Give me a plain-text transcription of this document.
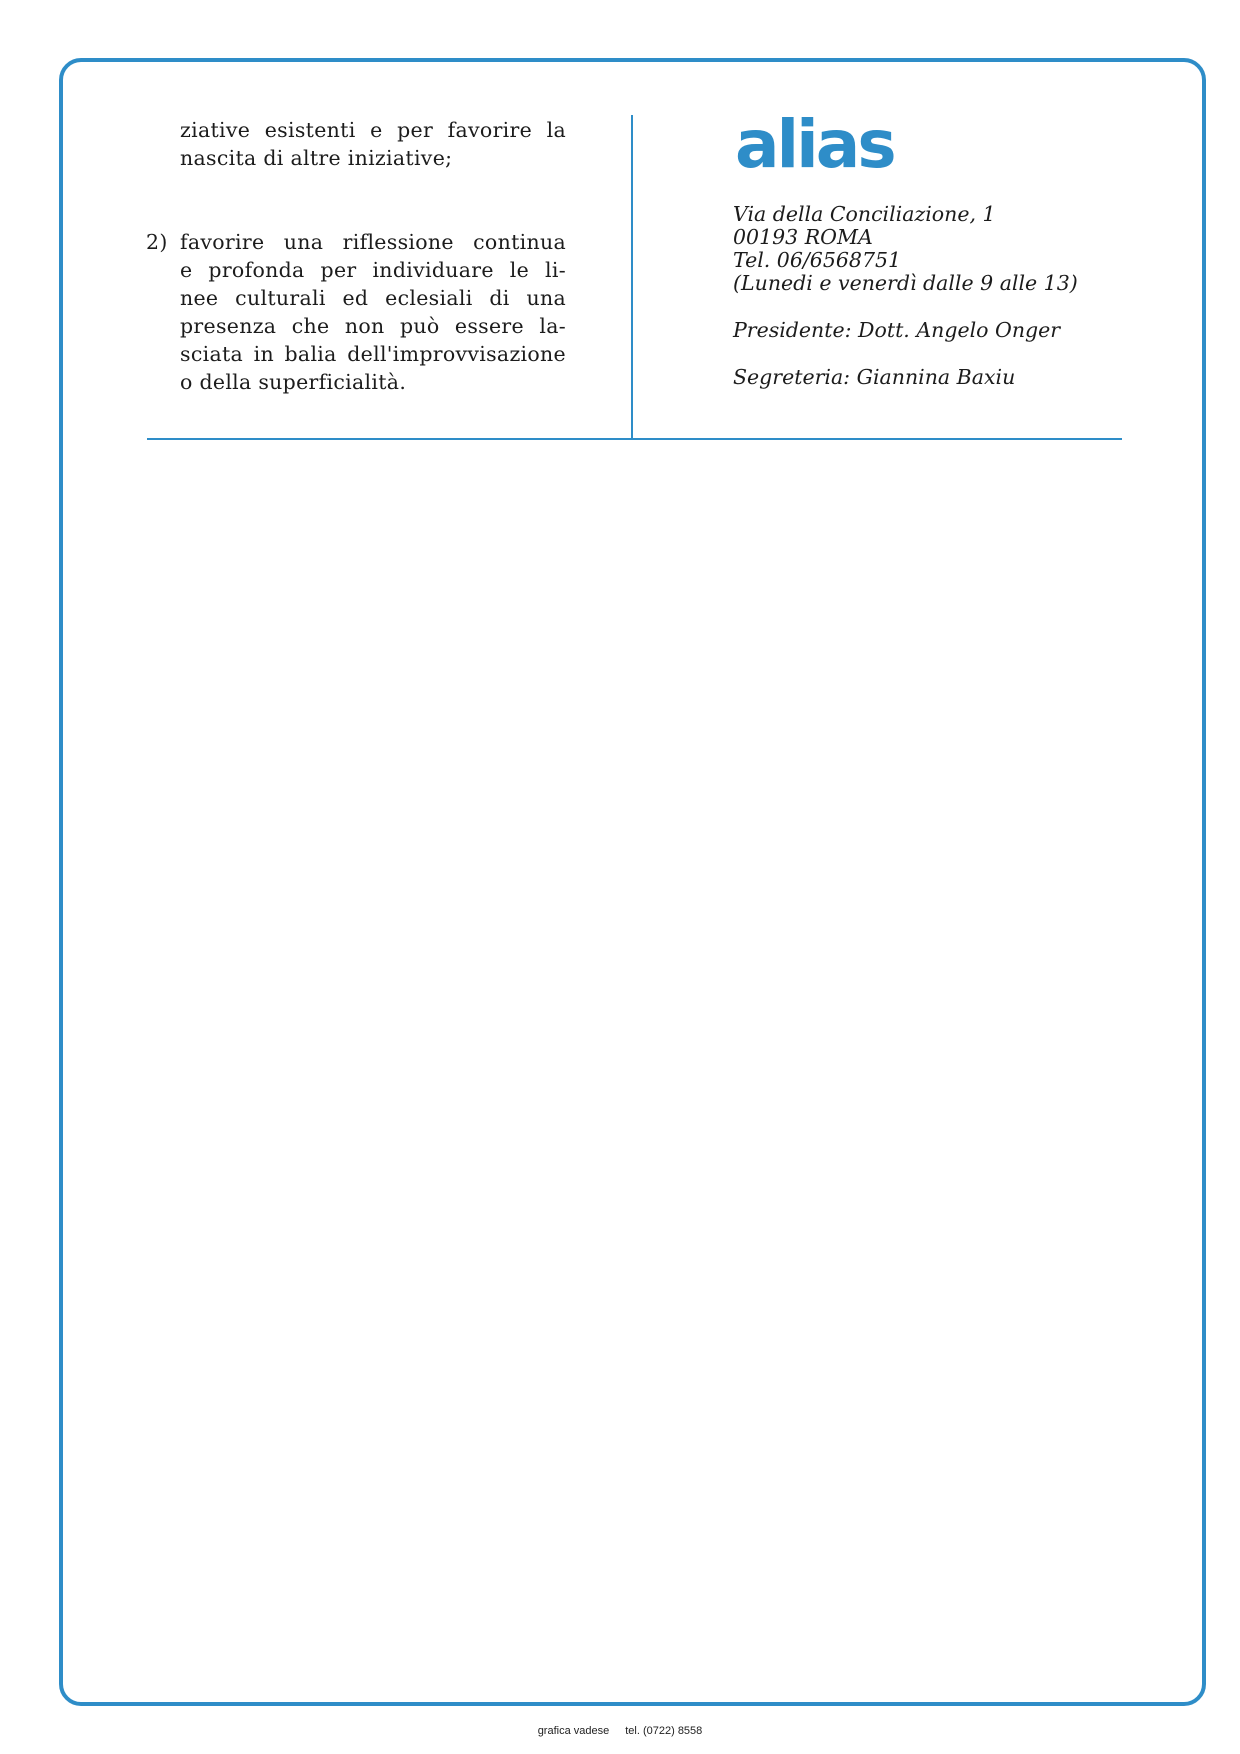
ziative esistenti e per favorire la
nascita di altre iniziative;
2) favorire una riflessione continua
e profonda per individuare le li-
nee culturali ed eclesiali di una
presenza che non può essere la-
sciata in balia dell'improvvisazione
o della superficialità.
alias
Via della Conciliazione, 1
00193 ROMA
Tel. 06/6568751
(Lunedi e venerdì dalle 9 alle 13)
Presidente: Dott. Angelo Onger
Segreteria: Giannina Baxiu
grafica vadese tel. (0722) 8558
